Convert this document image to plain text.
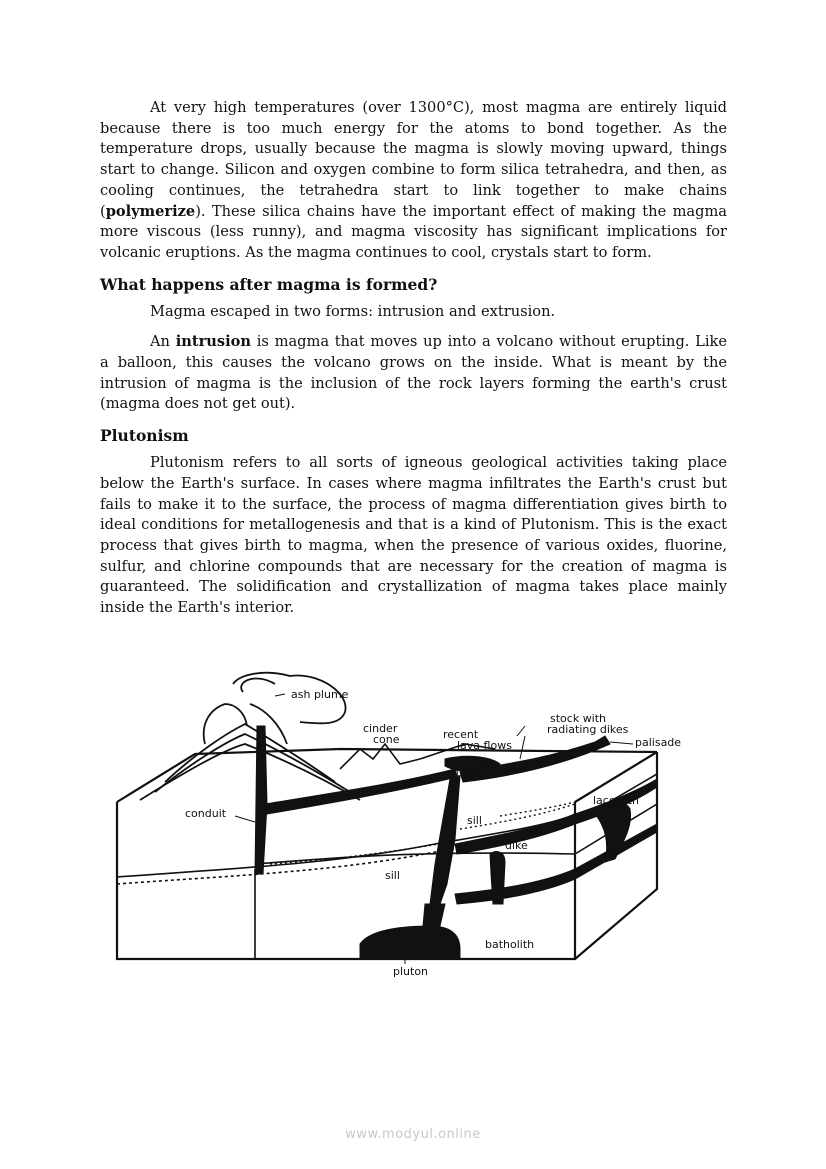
At very high temperatures (over 1300°C), most magma are entirely liquid because there is too much energy for the atoms to bond together. As the temperature drops, usually because the magma is slowly moving upward, things start to change. Silicon and oxygen combine to form silica tetrahedra, and then, as cooling continues, the tetrahedra start to link together to make chains (polymerize). These silica chains have the important effect of making the magma more viscous (less runny), and magma viscosity has significant implications for volcanic eruptions. As the magma continues to cool, crystals start to form.

What happens after magma is formed?

Magma escaped in two forms: intrusion and extrusion.

An intrusion is magma that moves up into a volcano without erupting. Like a balloon, this causes the volcano grows on the inside. What is meant by the intrusion of magma is the inclusion of the rock layers forming the earth's crust (magma does not get out).

Plutonism

Plutonism refers to all sorts of igneous geological activities taking place below the Earth's surface. In cases where magma infiltrates the Earth's crust but fails to make it to the surface, the process of magma differentiation gives birth to ideal conditions for metallogenesis and that is a kind of Plutonism. This is the exact process that gives birth to magma, when the presence of various oxides, fluorine, sulfur, and chlorine compounds that are necessary for the creation of magma is guaranteed. The solidification and crystallization of magma takes place mainly inside the Earth's interior.

ash plume
cinder
cone	recent
lava flows
stock with
radiating dikes
palisade
stock
laccolith
conduit
sill
dike
sill
batholith
pluton
www.modyul.online
